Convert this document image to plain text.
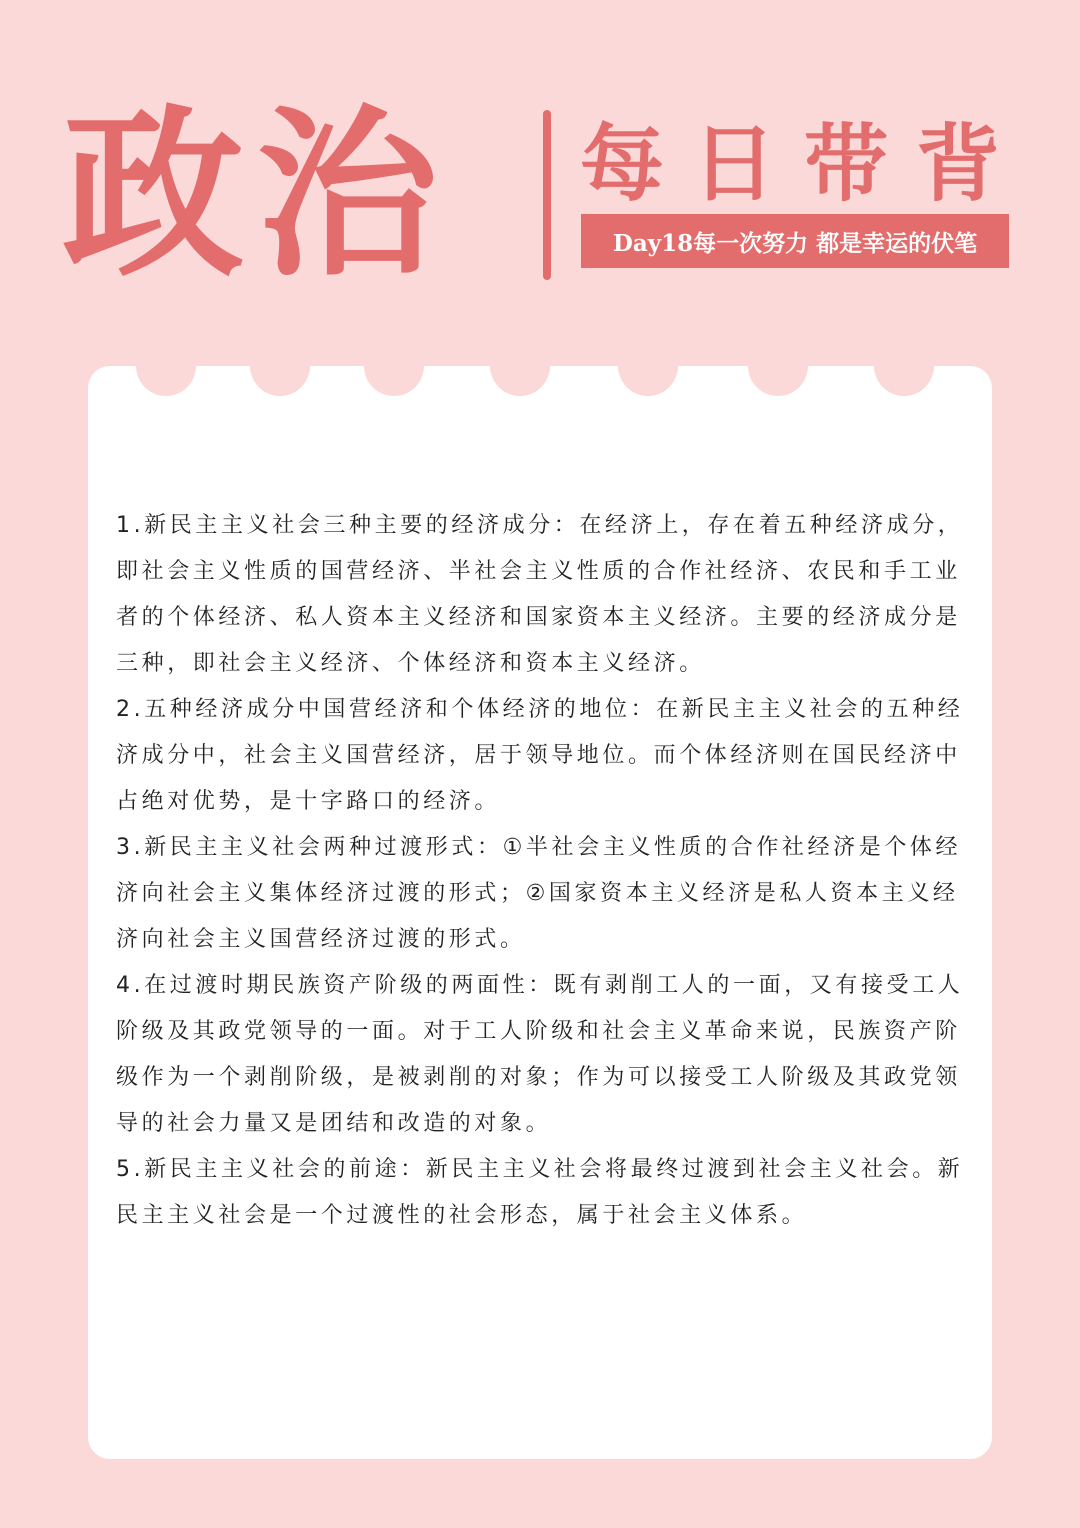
政治 每日带背
Day18每一次努力 都是幸运的伏笔

1.新民主主义社会三种主要的经济成分：在经济上，存在着五种经济成分，即社会主义性质的国营经济、半社会主义性质的合作社经济、农民和手工业者的个体经济、私人资本主义经济和国家资本主义经济。主要的经济成分是三种，即社会主义经济、个体经济和资本主义经济。

2.五种经济成分中国营经济和个体经济的地位：在新民主主义社会的五种经济成分中，社会主义国营经济，居于领导地位。而个体经济则在国民经济中占绝对优势，是十字路口的经济。

3.新民主主义社会两种过渡形式：①半社会主义性质的合作社经济是个体经济向社会主义集体经济过渡的形式；②国家资本主义经济是私人资本主义经济向社会主义国营经济过渡的形式。

4.在过渡时期民族资产阶级的两面性：既有剥削工人的一面，又有接受工人阶级及其政党领导的一面。对于工人阶级和社会主义革命来说，民族资产阶级作为一个剥削阶级，是被剥削的对象；作为可以接受工人阶级及其政党领导的社会力量又是团结和改造的对象。

5.新民主主义社会的前途：新民主主义社会将最终过渡到社会主义社会。新民主主义社会是一个过渡性的社会形态，属于社会主义体系。
